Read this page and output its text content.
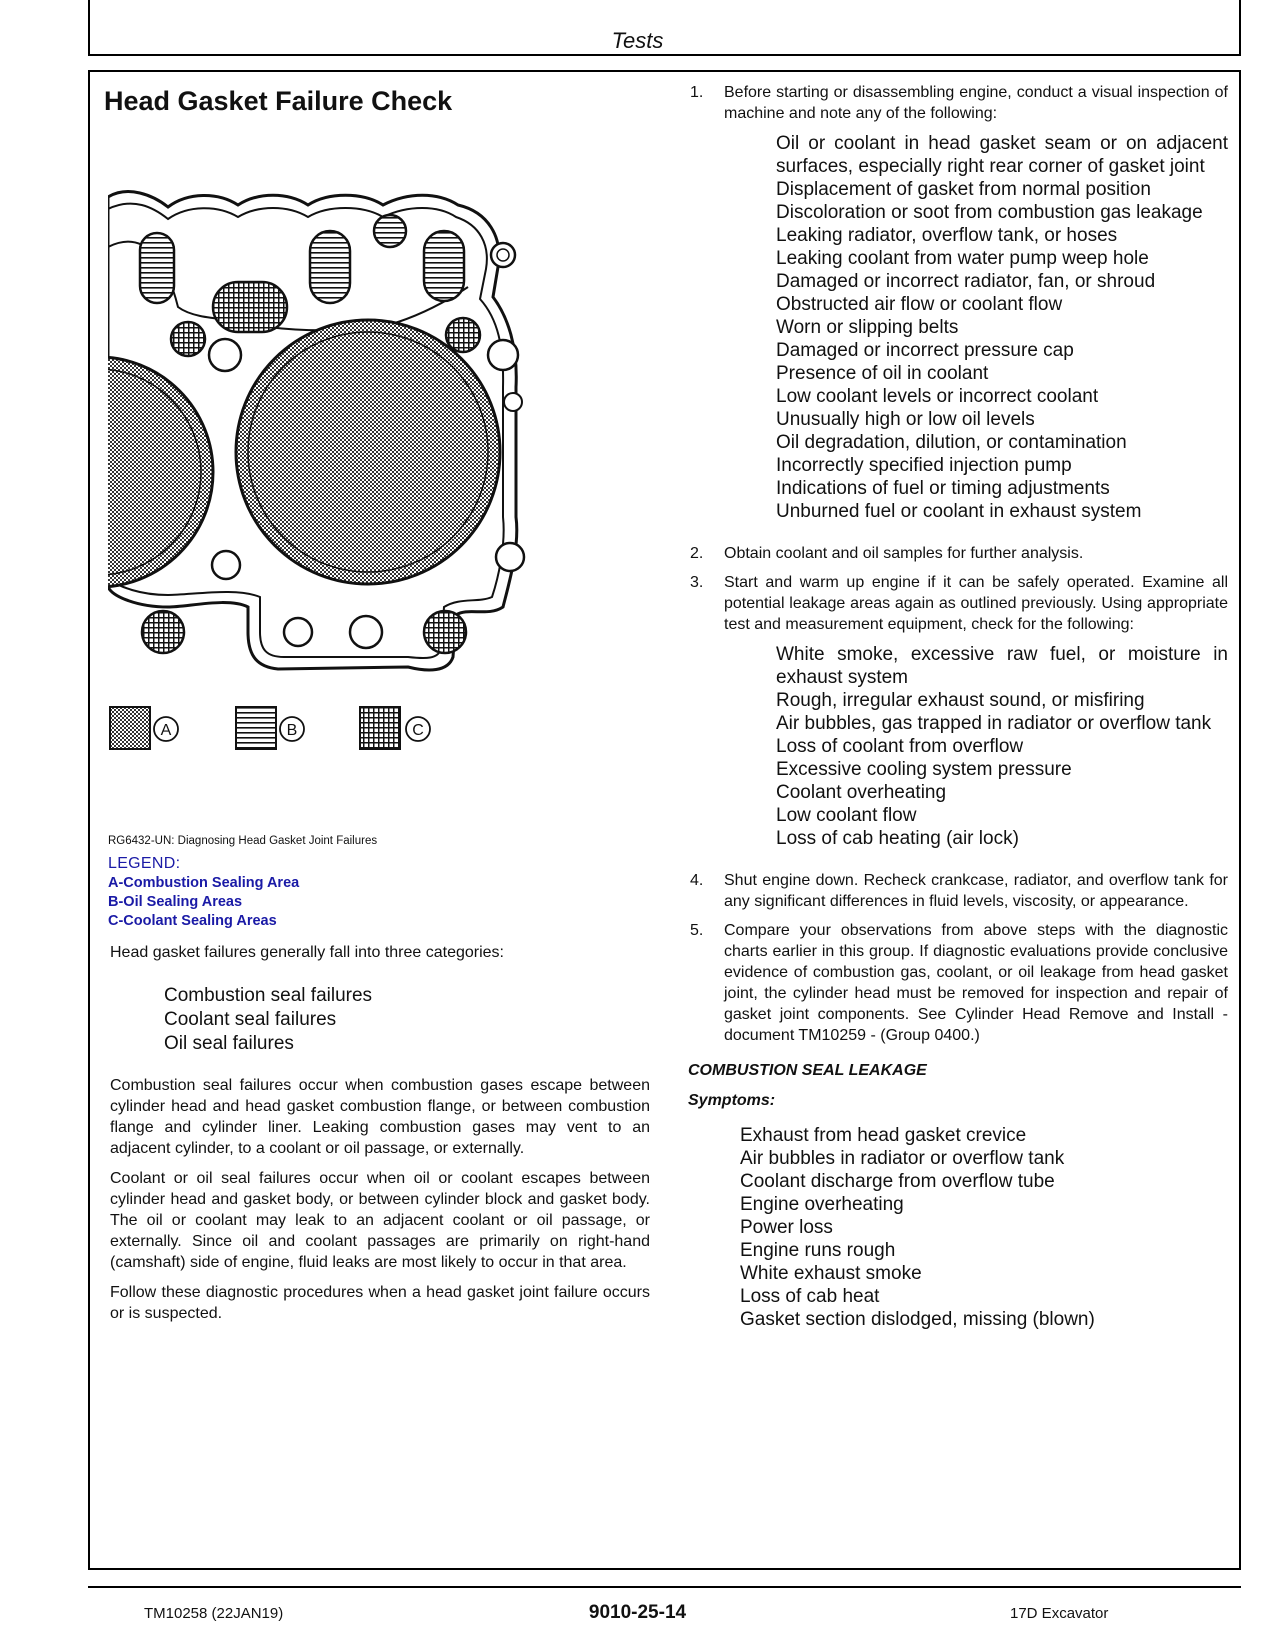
Tests
Head Gasket Failure Check
A	B	C
RG6432-UN: Diagnosing Head Gasket Joint Failures
LEGEND:
A-Combustion Sealing Area
B-Oil Sealing Areas
C-Coolant Sealing Areas

Head gasket failures generally fall into three categories:

Combustion seal failures
Coolant seal failures
Oil seal failures

Combustion seal failures occur when combustion gases escape between cylinder head and head gasket combustion flange, or between combustion flange and cylinder liner. Leaking combustion gases may vent to an adjacent cylinder, to a coolant or oil passage, or externally.

Coolant or oil seal failures occur when oil or coolant escapes between cylinder head and gasket body, or between cylinder block and gasket body. The oil or coolant may leak to an adjacent coolant or oil passage, or externally. Since oil and coolant passages are primarily on right-hand (camshaft) side of engine, fluid leaks are most likely to occur in that area.

Follow these diagnostic procedures when a head gasket joint failure occurs or is suspected.

1.	Before starting or disassembling engine, conduct a visual inspection of machine and note any of the following:
Oil or coolant in head gasket seam or on adjacent surfaces, especially right rear corner of gasket joint
Displacement of gasket from normal position
Discoloration or soot from combustion gas leakage
Leaking radiator, overflow tank, or hoses
Leaking coolant from water pump weep hole
Damaged or incorrect radiator, fan, or shroud
Obstructed air flow or coolant flow
Worn or slipping belts
Damaged or incorrect pressure cap
Presence of oil in coolant
Low coolant levels or incorrect coolant
Unusually high or low oil levels
Oil degradation, dilution, or contamination
Incorrectly specified injection pump
Indications of fuel or timing adjustments
Unburned fuel or coolant in exhaust system
2.	Obtain coolant and oil samples for further analysis.
3.	Start and warm up engine if it can be safely operated. Examine all potential leakage areas again as outlined previously. Using appropriate test and measurement equipment, check for the following:
White smoke, excessive raw fuel, or moisture in exhaust system
Rough, irregular exhaust sound, or misfiring
Air bubbles, gas trapped in radiator or overflow tank
Loss of coolant from overflow
Excessive cooling system pressure
Coolant overheating
Low coolant flow
Loss of cab heating (air lock)
4.	Shut engine down. Recheck crankcase, radiator, and overflow tank for any significant differences in fluid levels, viscosity, or appearance.
5.	Compare your observations from above steps with the diagnostic charts earlier in this group. If diagnostic evaluations provide conclusive evidence of combustion gas, coolant, or oil leakage from head gasket joint, the cylinder head must be removed for inspection and repair of gasket joint components. See Cylinder Head Remove and Install - document TM10259 - (Group 0400.)
COMBUSTION SEAL LEAKAGE
Symptoms:
Exhaust from head gasket crevice
Air bubbles in radiator or overflow tank
Coolant discharge from overflow tube
Engine overheating
Power loss
Engine runs rough
White exhaust smoke
Loss of cab heat
Gasket section dislodged, missing (blown)
TM10258 (22JAN19)	9010-25-14	17D Excavator
